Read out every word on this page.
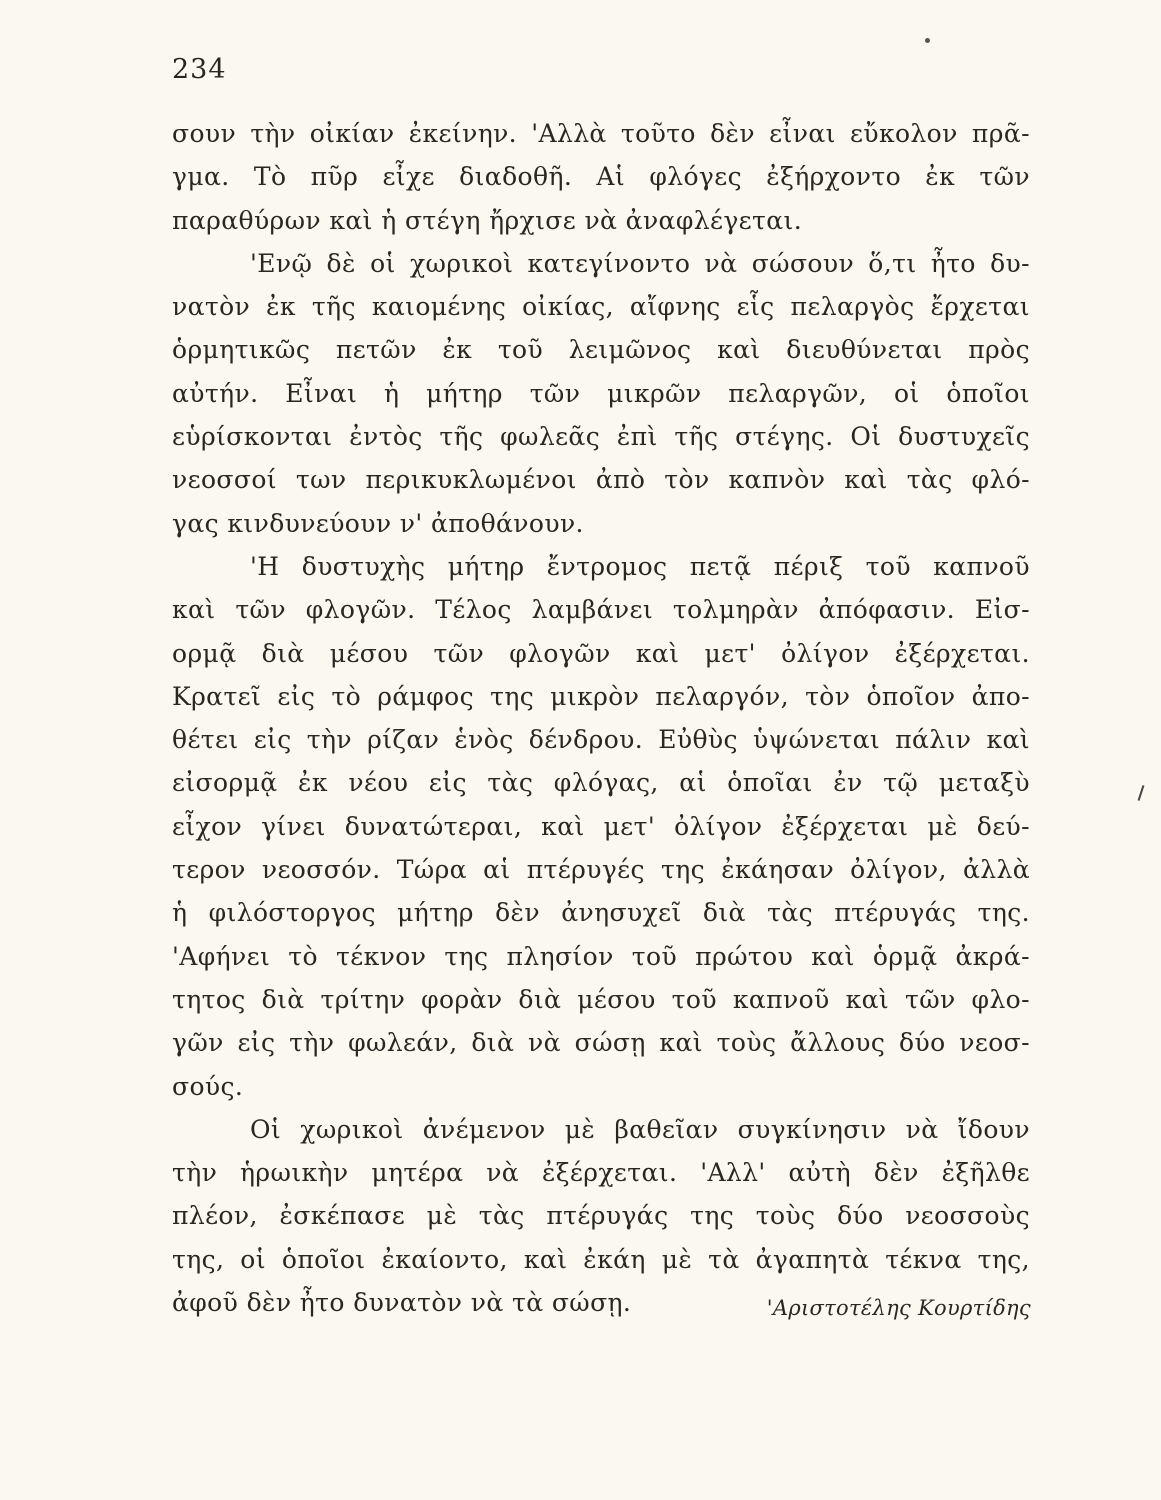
234
σουν τὴν οἰκίαν ἐκείνην. 'Αλλὰ τοῦτο δὲν εἶναι εὔκολον πρᾶ-
γμα. Τὸ πῦρ εἶχε διαδοθῆ. Αἱ φλόγες ἐξήρχοντο ἐκ τῶν
παραθύρων καὶ ἡ στέγη ἤρχισε νὰ ἀναφλέγεται.
'Ενῷ δὲ οἱ χωρικοὶ κατεγίνοντο νὰ σώσουν ὅ,τι ἦτο δυ-
νατὸν ἐκ τῆς καιομένης οἰκίας, αἴφνης εἷς πελαργὸς ἔρχεται
ὁρμητικῶς πετῶν ἐκ τοῦ λειμῶνος καὶ διευθύνεται πρὸς
αὐτήν. Εἶναι ἡ μήτηρ τῶν μικρῶν πελαργῶν, οἱ ὁποῖοι
εὑρίσκονται ἐντὸς τῆς φωλεᾶς ἐπὶ τῆς στέγης. Οἱ δυστυχεῖς
νεοσσοί των περικυκλωμένοι ἀπὸ τὸν καπνὸν καὶ τὰς φλό-
γας κινδυνεύουν ν' ἀποθάνουν.
'Η δυστυχὴς μήτηρ ἔντρομος πετᾷ πέριξ τοῦ καπνοῦ
καὶ τῶν φλογῶν. Τέλος λαμβάνει τολμηρὰν ἀπόφασιν. Εἰσ-
ορμᾷ διὰ μέσου τῶν φλογῶν καὶ μετ' ὀλίγον ἐξέρχεται.
Κρατεῖ εἰς τὸ ράμφος της μικρὸν πελαργόν, τὸν ὁποῖον ἀπο-
θέτει εἰς τὴν ρίζαν ἑνὸς δένδρου. Εὐθὺς ὑψώνεται πάλιν καὶ
εἰσορμᾷ ἐκ νέου εἰς τὰς φλόγας, αἱ ὁποῖαι ἐν τῷ μεταξὺ
εἶχον γίνει δυνατώτεραι, καὶ μετ' ὀλίγον ἐξέρχεται μὲ δεύ-
τερον νεοσσόν. Τώρα αἱ πτέρυγές της ἐκάησαν ὀλίγον, ἀλλὰ
ἡ φιλόστοργος μήτηρ δὲν ἀνησυχεῖ διὰ τὰς πτέρυγάς της.
'Αφήνει τὸ τέκνον της πλησίον τοῦ πρώτου καὶ ὁρμᾷ ἀκρά-
τητος διὰ τρίτην φορὰν διὰ μέσου τοῦ καπνοῦ καὶ τῶν φλο-
γῶν εἰς τὴν φωλεάν, διὰ νὰ σώσῃ καὶ τοὺς ἄλλους δύο νεοσ-
σούς.
Οἱ χωρικοὶ ἀνέμενον μὲ βαθεῖαν συγκίνησιν νὰ ἴδουν
τὴν ἡρωικὴν μητέρα νὰ ἐξέρχεται. 'Αλλ' αὐτὴ δὲν ἐξῆλθε
πλέον, ἐσκέπασε μὲ τὰς πτέρυγάς της τοὺς δύο νεοσσοὺς
της, οἱ ὁποῖοι ἐκαίοντο, καὶ ἐκάη μὲ τὰ ἀγαπητὰ τέκνα της,
ἀφοῦ δὲν ἦτο δυνατὸν νὰ τὰ σώσῃ.	'Αριστοτέλης Κουρτίδης
